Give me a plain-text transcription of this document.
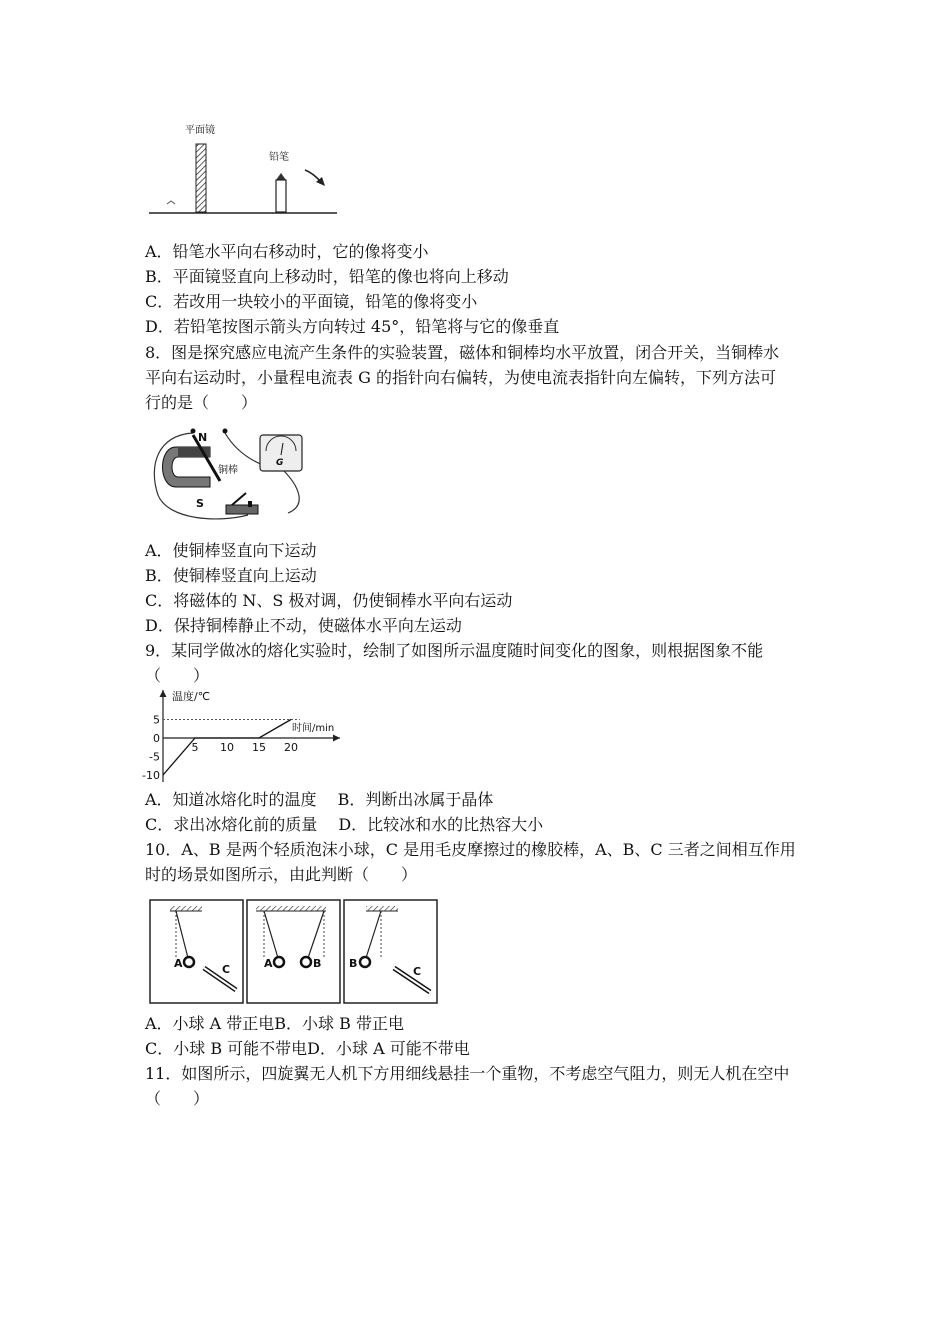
平面镜
铅笔
A．铅笔水平向右移动时，它的像将变小
B．平面镜竖直向上移动时，铅笔的像也将向上移动
C．若改用一块较小的平面镜，铅笔的像将变小
D．若铅笔按图示箭头方向转过 45°，铅笔将与它的像垂直
8．图是探究感应电流产生条件的实验装置，磁体和铜棒均水平放置，闭合开关，当铜棒水
平向右运动时，小量程电流表 G 的指针向右偏转，为使电流表指针向左偏转，下列方法可
行的是（　　）
N
S
铜棒
G
A．使铜棒竖直向下运动
B．使铜棒竖直向上运动
C．将磁体的 N、S 极对调，仍使铜棒水平向右运动
D．保持铜棒静止不动，使磁体水平向左运动
9．某同学做冰的熔化实验时，绘制了如图所示温度随时间变化的图象，则根据图象不能
（　　）
温度/℃
时间/min
5 10 15 20
5
0
-5
-10
A．知道冰熔化时的温度　 B．判断出冰属于晶体
C．求出冰熔化前的质量　 D．比较冰和水的比热容大小
10．A、B 是两个轻质泡沫小球，C 是用毛皮摩擦过的橡胶棒，A、B、C 三者之间相互作用
时的场景如图所示，由此判断（　　）
A	C	A	B	B
C
A．小球 A 带正电B．小球 B 带正电
C．小球 B 可能不带电D．小球 A 可能不带电
11．如图所示，四旋翼无人机下方用细线悬挂一个重物，不考虑空气阻力，则无人机在空中
（　　）
